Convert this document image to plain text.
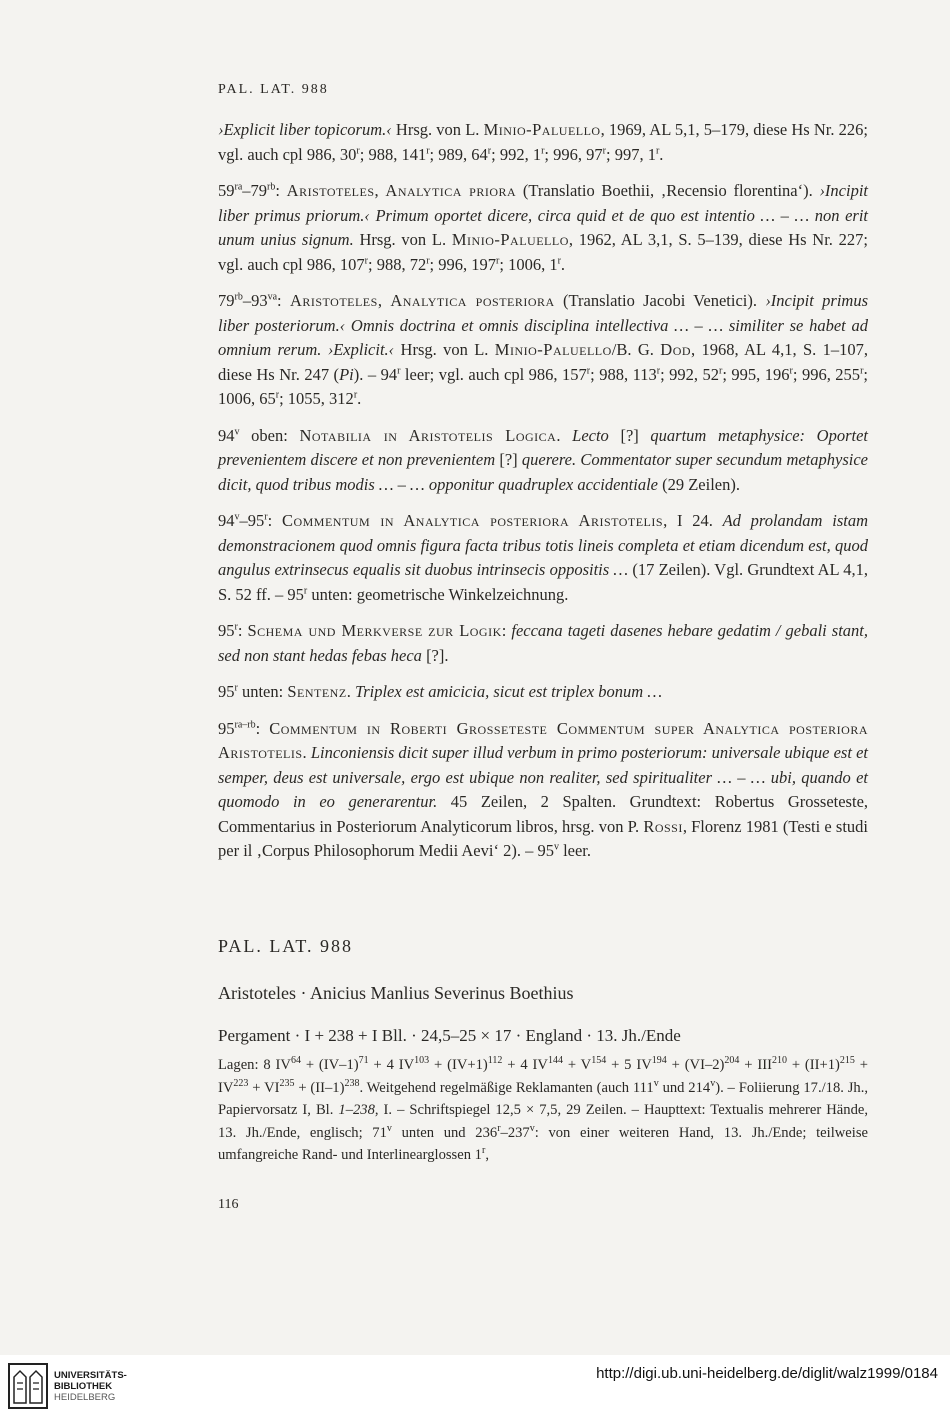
PAL. LAT. 988

›Explicit liber topicorum.‹ Hrsg. von L. Minio-Paluello, 1969, AL 5,1, 5–179, diese Hs Nr. 226; vgl. auch cpl 986, 30$^r$; 988, 141$^r$; 989, 64$^r$; 992, 1$^r$; 996, 97$^r$; 997, 1$^r$.

$59^{ra}-79^{rb}$: Aristoteles, Analytica priora (Translatio Boethii, ‚Recensio florentina‘). ›Incipit liber primus priorum.‹ Primum oportet dicere, circa quid et de quo est intentio … – … non erit unum unius signum. Hrsg. von L. Minio-Paluello, 1962, AL 3,1, S. 5–139, diese Hs Nr. 227; vgl. auch cpl 986, 107$^r$; 988, 72$^r$; 996, 197$^r$; 1006, 1$^r$.

$79^{rb}-93^{va}$: Aristoteles, Analytica posteriora (Translatio Jacobi Venetici). ›Incipit primus liber posteriorum.‹ Omnis doctrina et omnis disciplina intellectiva … – … similiter se habet ad omnium rerum. ›Explicit.‹ Hrsg. von L. Minio-Paluello/B. G. Dod, 1968, AL 4,1, S. 1–107, diese Hs Nr. 247 (Pi). – 94$^r$ leer; vgl. auch cpl 986, 157$^r$; 988, 113$^r$; 992, 52$^r$; 995, 196$^r$; 996, 255$^r$; 1006, 65$^r$; 1055, 312$^r$.

94$^v$ oben: Notabilia in Aristotelis Logica. Lecto [?] quartum metaphysice: Oportet prevenientem discere et non prevenientem [?] querere. Commentator super secundum metaphysice dicit, quod tribus modis … – … opponitur quadruplex accidentiale (29 Zeilen).

94$^v$–95$^r$: Commentum in Analytica posteriora Aristotelis, I 24. Ad prolandam istam demonstracionem quod omnis figura facta tribus totis lineis completa et etiam dicendum est, quod angulus extrinsecus equalis sit duobus intrinsecis oppositis … (17 Zeilen). Vgl. Grundtext AL 4,1, S. 52 ff. – 95$^r$ unten: geometrische Winkelzeichnung.

95$^r$: Schema und Merkverse zur Logik: feccana tageti dasenes hebare gedatim / gebali stant, sed non stant hedas febas heca [?].

95$^r$ unten: Sentenz. Triplex est amicicia, sicut est triplex bonum …

$95^{ra-rb}$: Commentum in Roberti Grosseteste Commentum super Analytica posteriora Aristotelis. Linconiensis dicit super illud verbum in primo posteriorum: universale ubique est et semper, deus est universale, ergo est ubique non realiter, sed spiritualiter … – … ubi, quando et quomodo in eo generarentur. 45 Zeilen, 2 Spalten. Grundtext: Robertus Grosseteste, Commentarius in Posteriorum Analyticorum libros, hrsg. von P. Rossi, Florenz 1981 (Testi e studi per il ‚Corpus Philosophorum Medii Aevi‘ 2). – 95$^v$ leer.

PAL. LAT. 988
Aristoteles · Anicius Manlius Severinus Boethius
Pergament · I + 238 + I Bll. · 24,5–25 × 17 · England · 13. Jh./Ende
Lagen: 8 $IV^{64} + (IV-1)^{71} + 4$ $IV^{103} + (IV+1)^{112} + 4$ $IV^{144} + V^{154} + 5$ $IV^{194} + (VI-2)^{204} + III^{210} + (II+1)^{215} + IV^{223} + VI^{235} + (II-1)^{238}$. Weitgehend regelmäßige Reklamanten (auch 111$^v$ und 214$^v$). – Foliierung 17./18. Jh., Papiervorsatz I, Bl. 1–238, I. – Schriftspiegel 12,5 × 7,5, 29 Zeilen. – Haupttext: Textualis mehrerer Hände, 13. Jh./Ende, englisch; 71$^v$ unten und 236$^r$–237$^v$: von einer weiteren Hand, 13. Jh./Ende; teilweise umfangreiche Rand- und Interlinearglossen 1$^r$,
116
UNIVERSITÄTS-
BIBLIOTHEK
HEIDELBERG
http://digi.ub.uni-heidelberg.de/diglit/walz1999/0184
